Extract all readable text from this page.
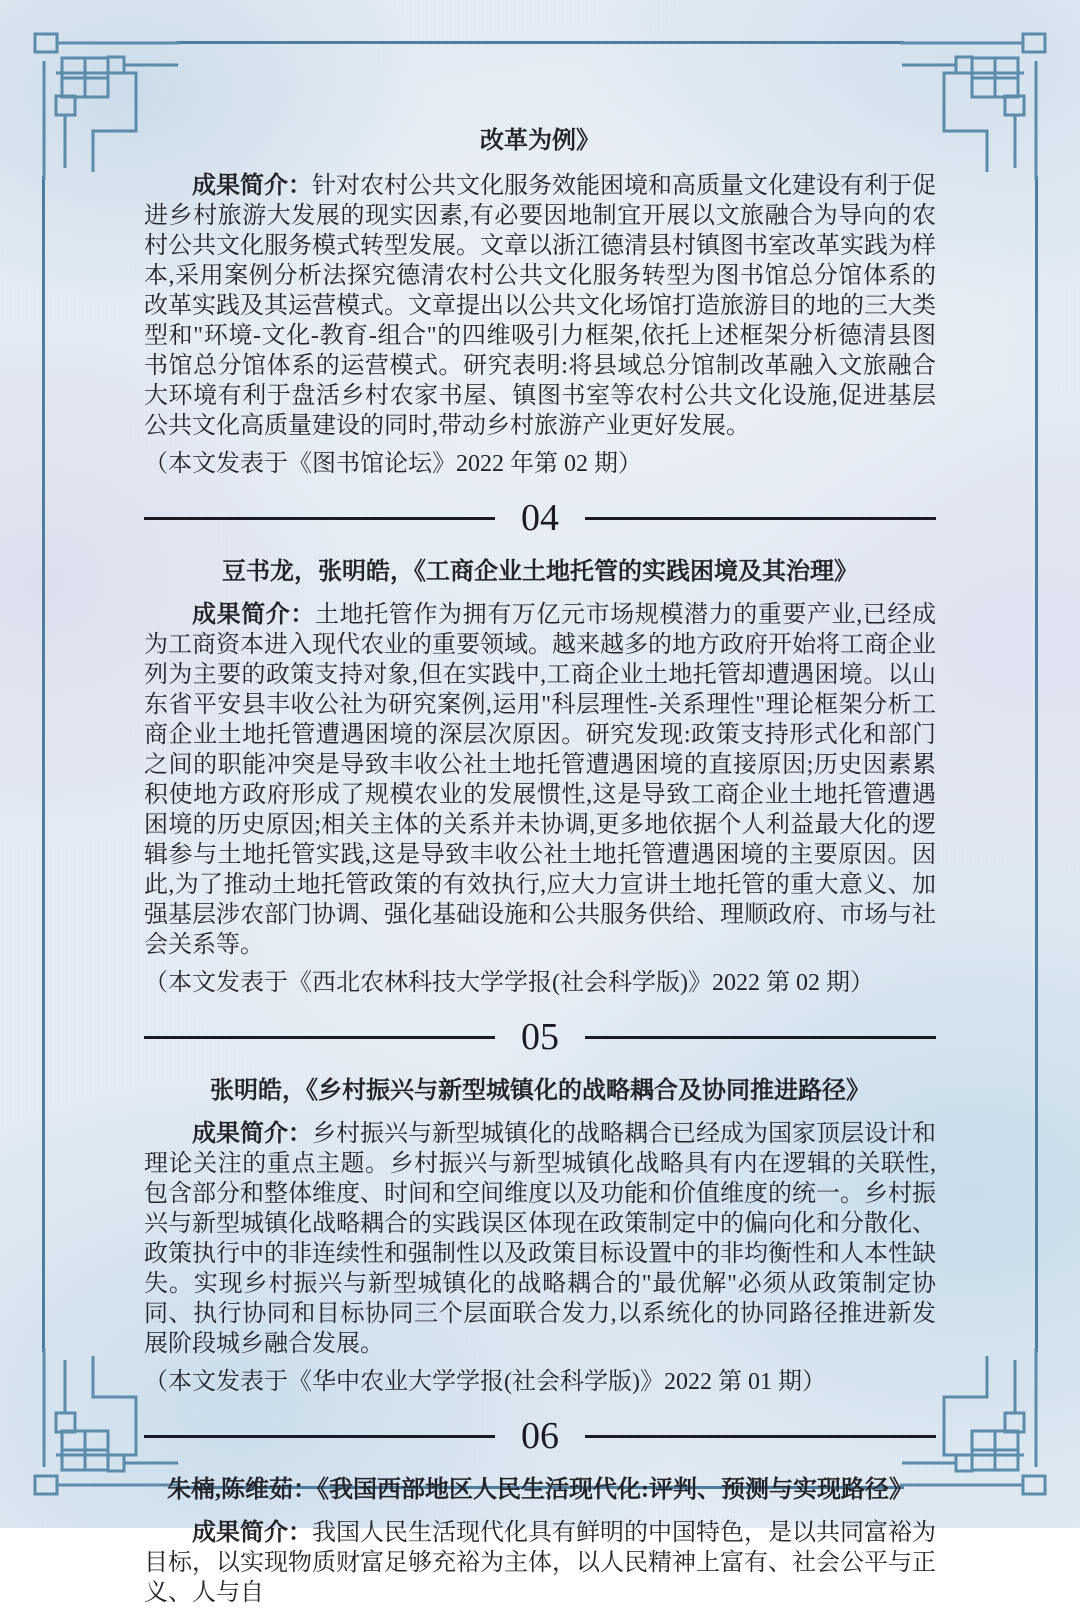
改革为例》

成果简介：针对农村公共文化服务效能困境和高质量文化建设有利于促进乡村旅游大发展的现实因素,有必要因地制宜开展以文旅融合为导向的农村公共文化服务模式转型发展。文章以浙江德清县村镇图书室改革实践为样本,采用案例分析法探究德清农村公共文化服务转型为图书馆总分馆体系的改革实践及其运营模式。文章提出以公共文化场馆打造旅游目的地的三大类型和"环境-文化-教育-组合"的四维吸引力框架,依托上述框架分析德清县图书馆总分馆体系的运营模式。研究表明:将县域总分馆制改革融入文旅融合大环境有利于盘活乡村农家书屋、镇图书室等农村公共文化设施,促进基层公共文化高质量建设的同时,带动乡村旅游产业更好发展。

（本文发表于《图书馆论坛》2022 年第 02 期）

04
豆书龙，张明皓，《工商企业土地托管的实践困境及其治理》

成果简介：土地托管作为拥有万亿元市场规模潜力的重要产业,已经成为工商资本进入现代农业的重要领域。越来越多的地方政府开始将工商企业列为主要的政策支持对象,但在实践中,工商企业土地托管却遭遇困境。以山东省平安县丰收公社为研究案例,运用"科层理性-关系理性"理论框架分析工商企业土地托管遭遇困境的深层次原因。研究发现:政策支持形式化和部门之间的职能冲突是导致丰收公社土地托管遭遇困境的直接原因;历史因素累积使地方政府形成了规模农业的发展惯性,这是导致工商企业土地托管遭遇困境的历史原因;相关主体的关系并未协调,更多地依据个人利益最大化的逻辑参与土地托管实践,这是导致丰收公社土地托管遭遇困境的主要原因。因此,为了推动土地托管政策的有效执行,应大力宣讲土地托管的重大意义、加强基层涉农部门协调、强化基础设施和公共服务供给、理顺政府、市场与社会关系等。

（本文发表于《西北农林科技大学学报(社会科学版)》2022 第 02 期）

05
张明皓，《乡村振兴与新型城镇化的战略耦合及协同推进路径》

成果简介：乡村振兴与新型城镇化的战略耦合已经成为国家顶层设计和理论关注的重点主题。乡村振兴与新型城镇化战略具有内在逻辑的关联性,包含部分和整体维度、时间和空间维度以及功能和价值维度的统一。乡村振兴与新型城镇化战略耦合的实践误区体现在政策制定中的偏向化和分散化、政策执行中的非连续性和强制性以及政策目标设置中的非均衡性和人本性缺失。实现乡村振兴与新型城镇化的战略耦合的"最优解"必须从政策制定协同、执行协同和目标协同三个层面联合发力,以系统化的协同路径推进新发展阶段城乡融合发展。

（本文发表于《华中农业大学学报(社会科学版)》2022 第 01 期）

06
朱楠,陈维茹：《我国西部地区人民生活现代化:评判、预测与实现路径》

成果简介：我国人民生活现代化具有鲜明的中国特色，是以共同富裕为目标，以实现物质财富足够充裕为主体，以人民精神上富有、社会公平与正义、人与自
